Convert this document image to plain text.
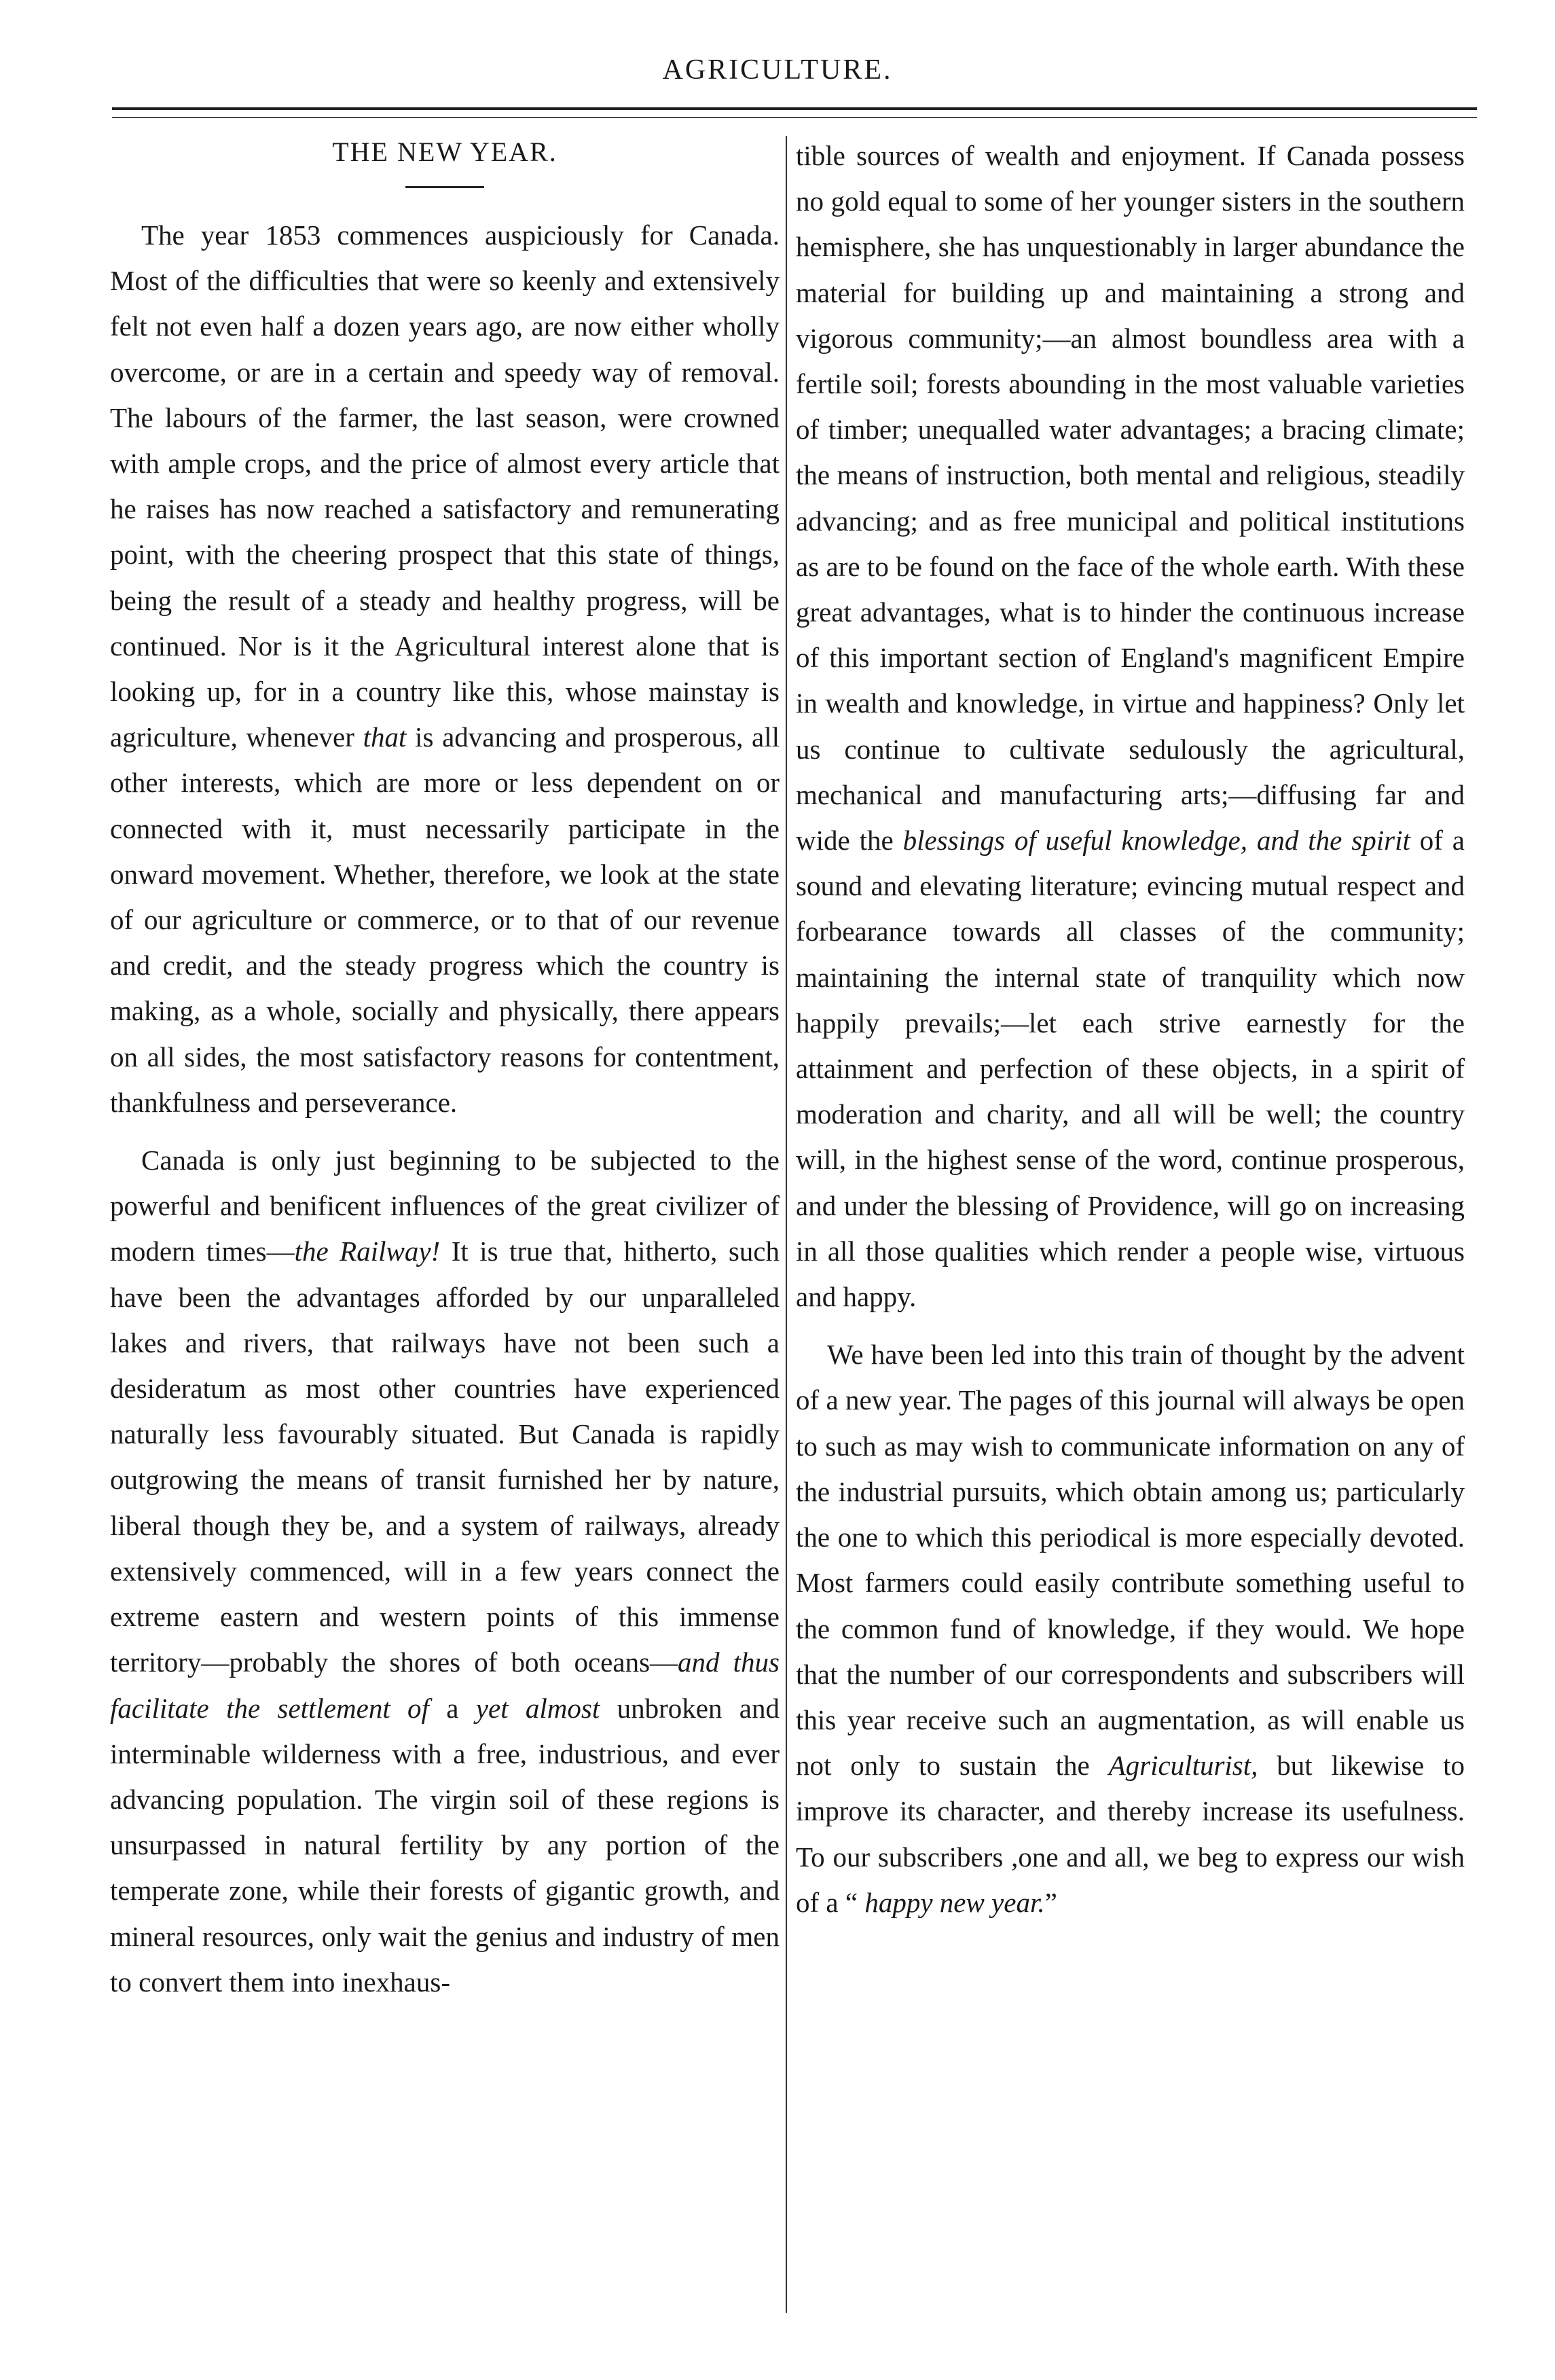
AGRICULTURE.
THE NEW YEAR.

The year 1853 commences auspiciously for Canada. Most of the difficulties that were so keenly and extensively felt not even half a dozen years ago, are now either wholly overcome, or are in a certain and speedy way of removal. The labours of the farmer, the last season, were crowned with ample crops, and the price of almost every article that he raises has now reached a satisfactory and remunerating point, with the cheering prospect that this state of things, being the result of a steady and healthy progress, will be continued. Nor is it the Agricultural interest alone that is looking up, for in a country like this, whose mainstay is agriculture, whenever that is advancing and prosperous, all other interests, which are more or less dependent on or connected with it, must necessarily participate in the onward movement. Whether, therefore, we look at the state of our agriculture or commerce, or to that of our revenue and credit, and the steady progress which the country is making, as a whole, socially and physically, there appears on all sides, the most satisfactory reasons for contentment, thankfulness and perseverance.

Canada is only just beginning to be subjected to the powerful and benificent influences of the great civilizer of modern times—the Railway! It is true that, hitherto, such have been the advantages afforded by our unparalleled lakes and rivers, that railways have not been such a desideratum as most other countries have experienced naturally less favourably situated. But Canada is rapidly outgrowing the means of transit furnished her by nature, liberal though they be, and a system of railways, already extensively commenced, will in a few years connect the extreme eastern and western points of this immense territory—probably the shores of both oceans—and thus facilitate the settlement of a yet almost unbroken and interminable wilderness with a free, industrious, and ever advancing population. The virgin soil of these regions is unsurpassed in natural fertility by any portion of the temperate zone, while their forests of gigantic growth, and mineral resources, only wait the genius and industry of men to convert them into inexhaus-

tible sources of wealth and enjoyment. If Canada possess no gold equal to some of her younger sisters in the southern hemisphere, she has unquestionably in larger abundance the material for building up and maintaining a strong and vigorous community;—an almost boundless area with a fertile soil; forests abounding in the most valuable varieties of timber; unequalled water advantages; a bracing climate; the means of instruction, both mental and religious, steadily advancing; and as free municipal and political institutions as are to be found on the face of the whole earth. With these great advantages, what is to hinder the continuous increase of this important section of England's magnificent Empire in wealth and knowledge, in virtue and happiness? Only let us continue to cultivate sedulously the agricultural, mechanical and manufacturing arts;—diffusing far and wide the blessings of useful knowledge, and the spirit of a sound and elevating literature; evincing mutual respect and forbearance towards all classes of the community; maintaining the internal state of tranquility which now happily prevails;—let each strive earnestly for the attainment and perfection of these objects, in a spirit of moderation and charity, and all will be well; the country will, in the highest sense of the word, continue prosperous, and under the blessing of Providence, will go on increasing in all those qualities which render a people wise, virtuous and happy.

We have been led into this train of thought by the advent of a new year. The pages of this journal will always be open to such as may wish to communicate information on any of the industrial pursuits, which obtain among us; particularly the one to which this periodical is more especially devoted. Most farmers could easily contribute something useful to the common fund of knowledge, if they would. We hope that the number of our correspondents and subscribers will this year receive such an augmentation, as will enable us not only to sustain the Agriculturist, but likewise to improve its character, and thereby increase its usefulness. To our subscribers ,one and all, we beg to express our wish of a “ happy new year.”
